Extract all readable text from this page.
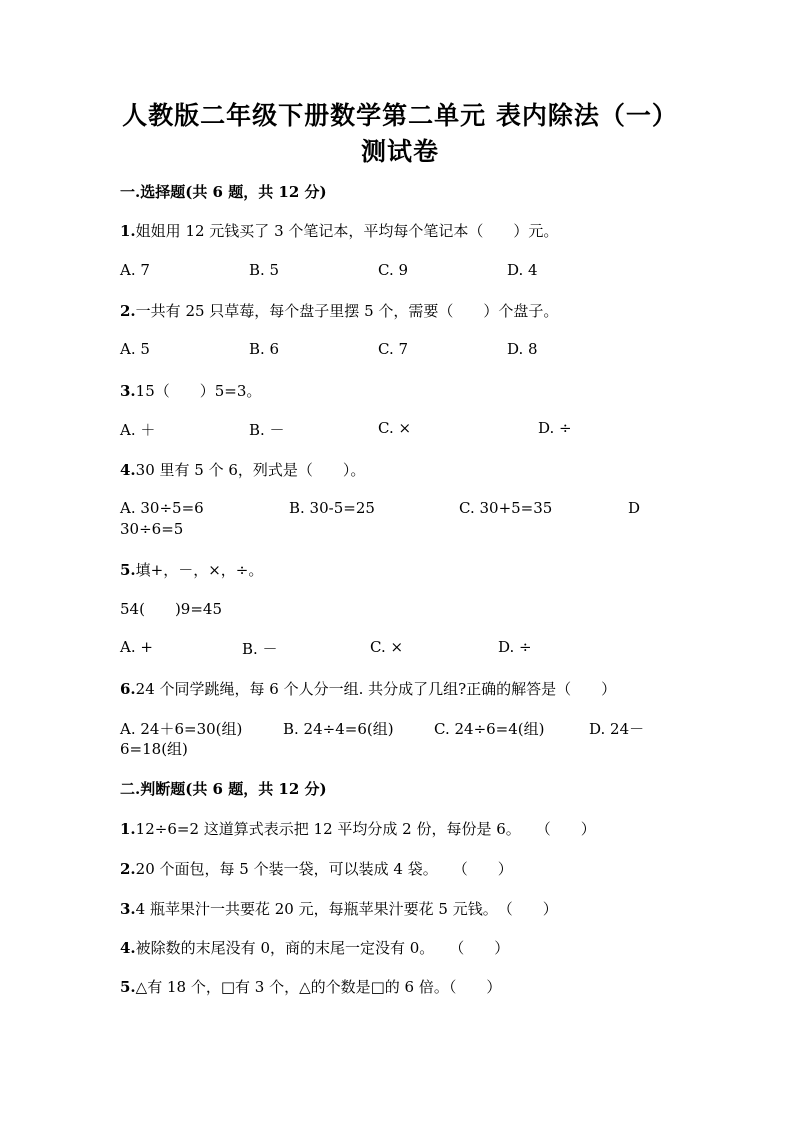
人教版二年级下册数学第二单元 表内除法（一）
测试卷
一.选择题(共 6 题，共 12 分)
1.姐姐用 12 元钱买了 3 个笔记本，平均每个笔记本（　　）元。
A. 7	B. 5	C. 9	D. 4
2.一共有 25 只草莓，每个盘子里摆 5 个，需要（　　）个盘子。
A. 5	B. 6	C. 7	D. 8
3.15（　　）5=3。
A. ＋	B. －	C. ×	D. ÷
4.30 里有 5 个 6，列式是（　　）。
A. 30÷5=6	B. 30-5=25	C. 30+5=35	D
30÷6=5
5.填+，－，×，÷。
54(　　)9=45
A. +	B. －	C. ×	D. ÷
6.24 个同学跳绳，每 6 个人分一组. 共分成了几组?正确的解答是（　　）
A. 24＋6=30(组)	B. 24÷4=6(组)	C. 24÷6=4(组)	D. 24－
6=18(组)
二.判断题(共 6 题，共 12 分)
1.12÷6=2 这道算式表示把 12 平均分成 2 份，每份是 6。　　（　　）
2.20 个面包，每 5 个装一袋，可以装成 4 袋。　　（　　）
3.4 瓶苹果汁一共要花 20 元，每瓶苹果汁要花 5 元钱。　（　　）
4.被除数的末尾没有 0，商的末尾一定没有 0。　　（　　）
5.△有 18 个，□有 3 个，△的个数是□的 6 倍。（　　）
